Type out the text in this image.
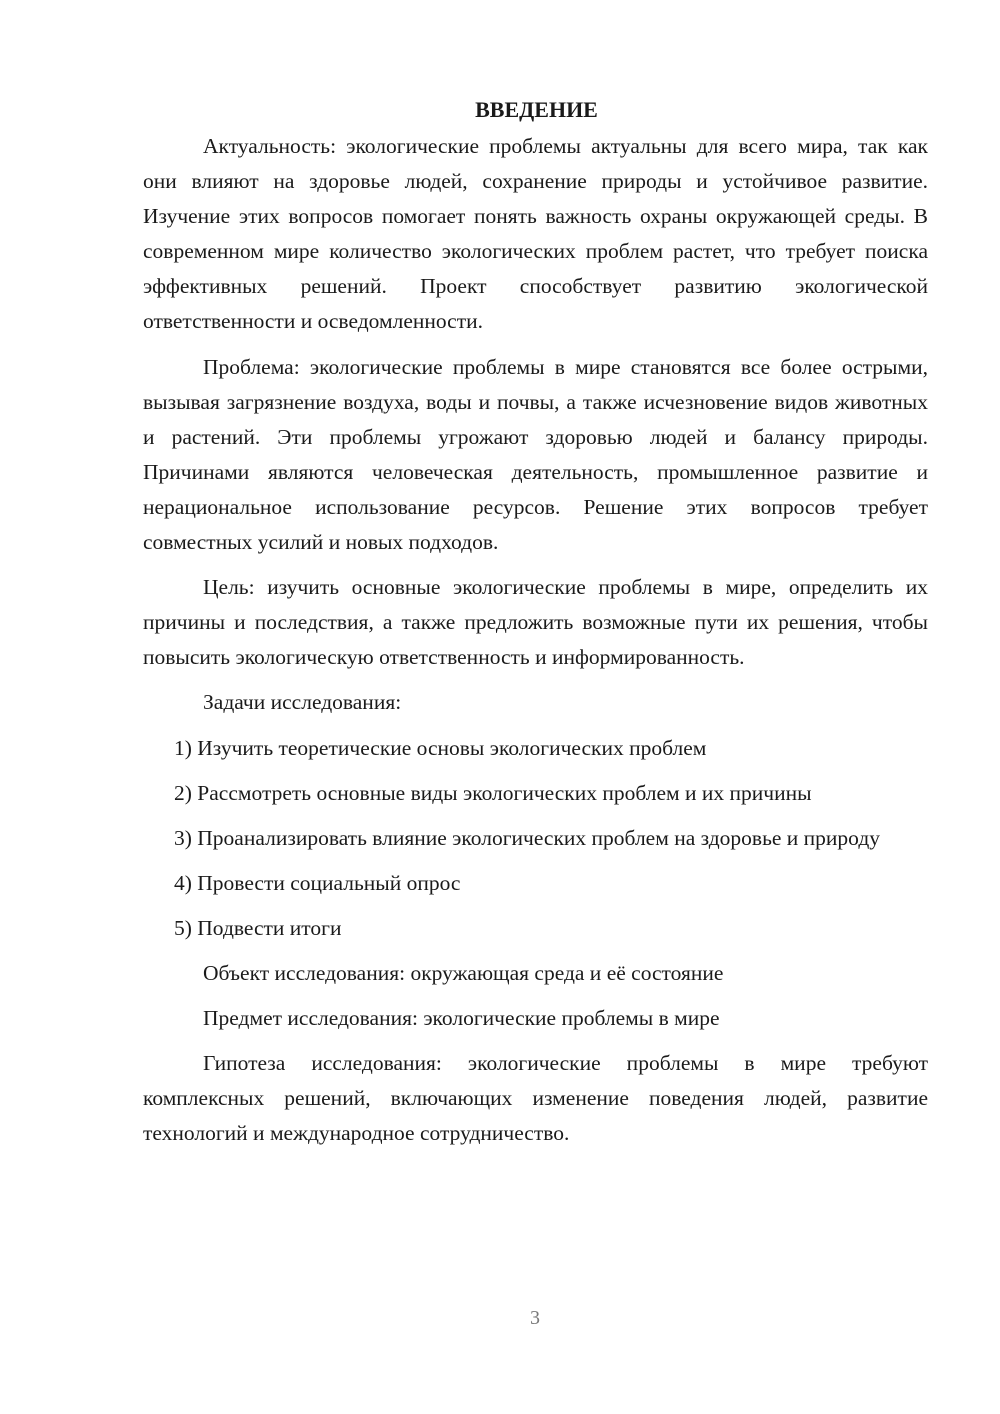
ВВЕДЕНИЕ

Актуальность: экологические проблемы актуальны для всего мира, так как они влияют на здоровье людей, сохранение природы и устойчивое развитие. Изучение этих вопросов помогает понять важность охраны окружающей среды. В современном мире количество экологических проблем растет, что требует поиска эффективных решений. Проект способствует развитию экологической ответственности и осведомленности.

Проблема: экологические проблемы в мире становятся все более острыми, вызывая загрязнение воздуха, воды и почвы, а также исчезновение видов животных и растений. Эти проблемы угрожают здоровью людей и балансу природы. Причинами являются человеческая деятельность, промышленное развитие и нерациональное использование ресурсов. Решение этих вопросов требует совместных усилий и новых подходов.

Цель: изучить основные экологические проблемы в мире, определить их причины и последствия, а также предложить возможные пути их решения, чтобы повысить экологическую ответственность и информированность.

Задачи исследования:

1) Изучить теоретические основы экологических проблем

2) Рассмотреть основные виды экологических проблем и их причины

3) Проанализировать влияние экологических проблем на здоровье и природу

4) Провести социальный опрос

5) Подвести итоги

Объект исследования: окружающая среда и её состояние

Предмет исследования: экологические проблемы в мире

Гипотеза исследования: экологические проблемы в мире требуют комплексных решений, включающих изменение поведения людей, развитие технологий и международное сотрудничество.

3
